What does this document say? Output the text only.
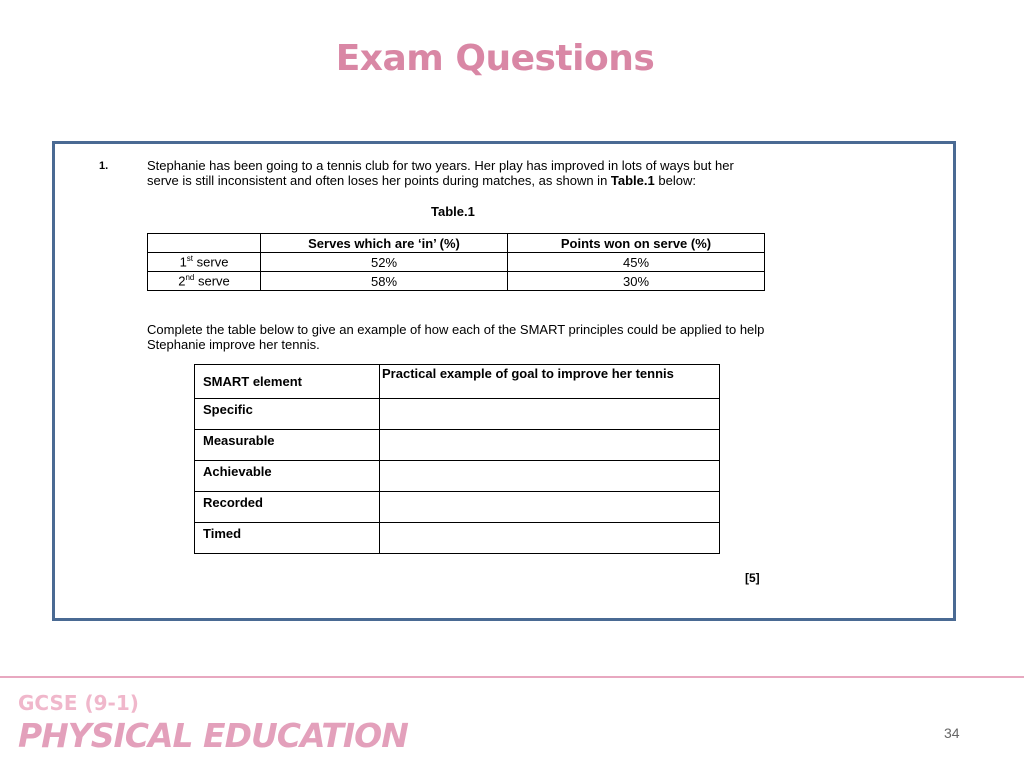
Exam Questions
1.	Stephanie has been going to a tennis club for two years. Her play has improved in lots of ways but her serve is still inconsistent and often loses her points during matches, as shown in Table.1 below:
Table.1
	Serves which are ‘in’ (%)	Points won on serve (%)
1st serve	52%	45%
2nd serve	58%	30%
Complete the table below to give an example of how each of the SMART principles could be applied to help Stephanie improve her tennis.
SMART element	Practical example of goal to improve her tennis
Specific	
Measurable	
Achievable	
Recorded	
Timed	
[5]
GCSE (9-1)
PHYSICAL EDUCATION	34
